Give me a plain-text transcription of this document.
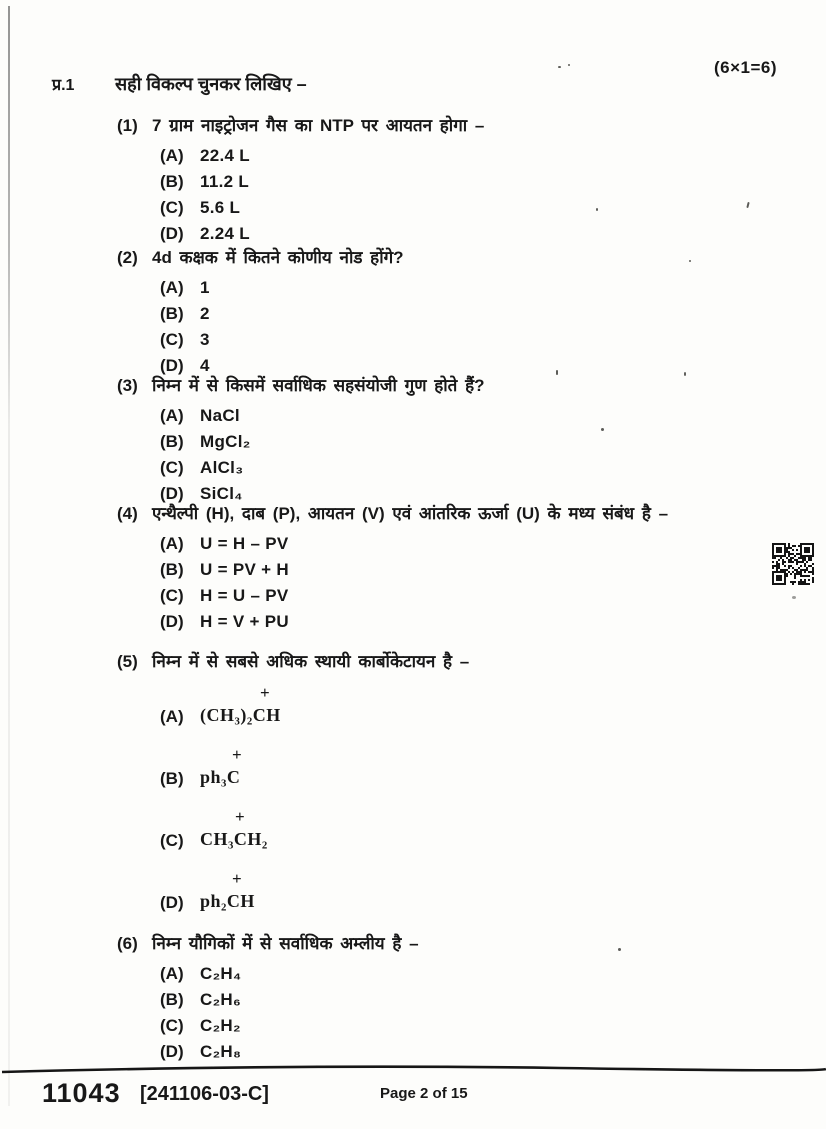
(6×1=6)
प्र.1	सही विकल्प चुनकर लिखिए –
(1) 7 ग्राम नाइट्रोजन गैस का NTP पर आयतन होगा –
(A) 22.4 L
(B) 11.2 L
(C) 5.6 L
(D) 2.24 L
(2) 4d कक्षक में कितने कोणीय नोड होंगे?
(A) 1
(B) 2
(C) 3
(D) 4
(3) निम्न में से किसमें सर्वाधिक सहसंयोजी गुण होते हैं?
(A) NaCl
(B) MgCl₂
(C) AlCl₃
(D) SiCl₄
(4) एन्थैल्पी (H), दाब (P), आयतन (V) एवं आंतरिक ऊर्जा (U) के मध्य संबंध है –
(A) U = H – PV
(B) U = PV + H
(C) H = U – PV
(D) H = V + PU
(5) निम्न में से सबसे अधिक स्थायी कार्बोकेटायन है –
(A)
+
(CH₃)₂CH
(B)
+
ph₃C
(C)
+
CH₃CH₂
(D)
+
ph₂CH
(6) निम्न यौगिकों में से सर्वाधिक अम्लीय है –
(A) C₂H₄
(B) C₂H₆
(C) C₂H₂
(D) C₂H₈
11043 [241106-03-C]	Page 2 of 15
